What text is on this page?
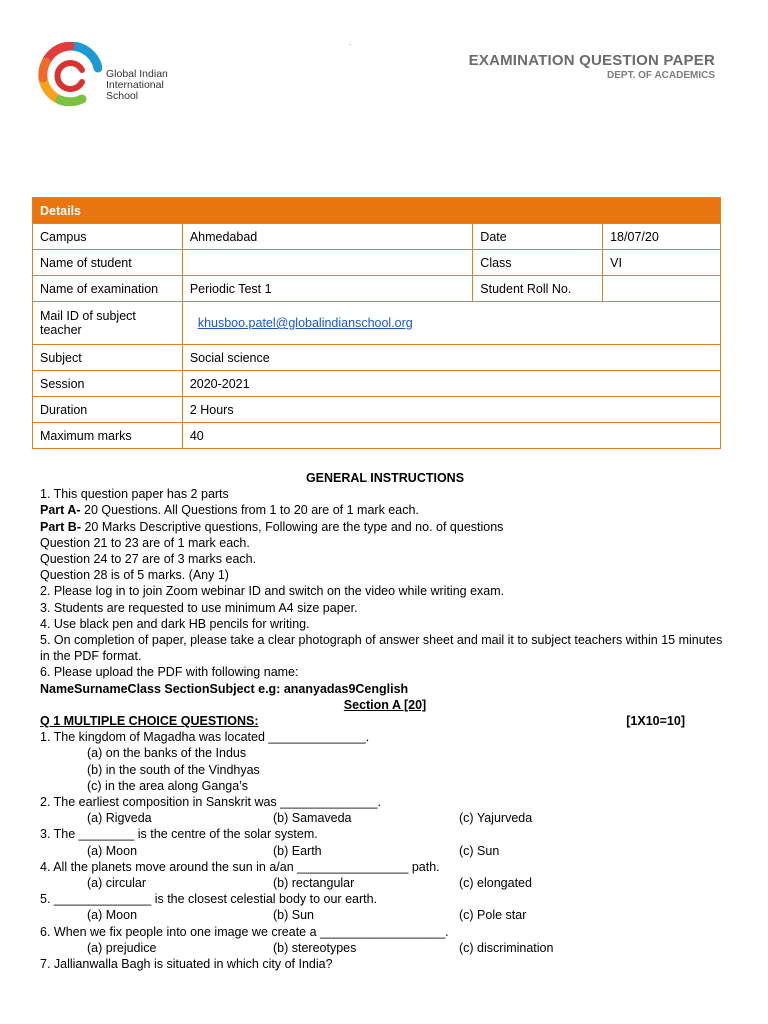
Global Indian
International
School
.
EXAMINATION QUESTION PAPER
DEPT. OF ACADEMICS
Details			
Campus	Ahmedabad	Date	18/07/20
Name of student		Class	VI
Name of examination	Periodic Test 1	Student Roll No.	
Mail ID of subject teacher	khusboo.patel@globalindianschool.org		
Subject	Social science		
Session	2020-2021		
Duration	2 Hours		
Maximum marks	40		
GENERAL INSTRUCTIONS
1. This question paper has 2 parts
Part A- 20 Questions. All Questions from 1 to 20 are of 1 mark each.
Part B- 20 Marks Descriptive questions, Following are the type and no. of questions
Question 21 to 23 are of 1 mark each.
Question 24 to 27 are of 3 marks each.
Question 28 is of 5 marks. (Any 1)
2. Please log in to join Zoom webinar ID and switch on the video while writing exam.
3. Students are requested to use minimum A4 size paper.
4. Use black pen and dark HB pencils for writing.
5. On completion of paper, please take a clear photograph of answer sheet and mail it to subject teachers within 15 minutes in the PDF format.
6. Please upload the PDF with following name:
NameSurnameClass SectionSubject e.g: ananyadas9Cenglish
Section A [20]
Q 1 MULTIPLE CHOICE QUESTIONS:	[1X10=10]
1. The kingdom of Magadha was located ______________.
(a) on the banks of the Indus
(b) in the south of the Vindhyas
(c) in the area along Ganga’s
2. The earliest composition in Sanskrit was ______________.
(a) Rigveda	(b) Samaveda	(c) Yajurveda
3. The ________ is the centre of the solar system.
(a) Moon	(b) Earth	(c) Sun
4. All the planets move around the sun in a/an ________________ path.
(a) circular	(b) rectangular	(c) elongated
5. ______________ is the closest celestial body to our earth.
(a) Moon	(b) Sun	(c) Pole star
6. When we fix people into one image we create a __________________.
(a) prejudice	(b) stereotypes	(c) discrimination
7. Jallianwalla Bagh is situated in which city of India?
